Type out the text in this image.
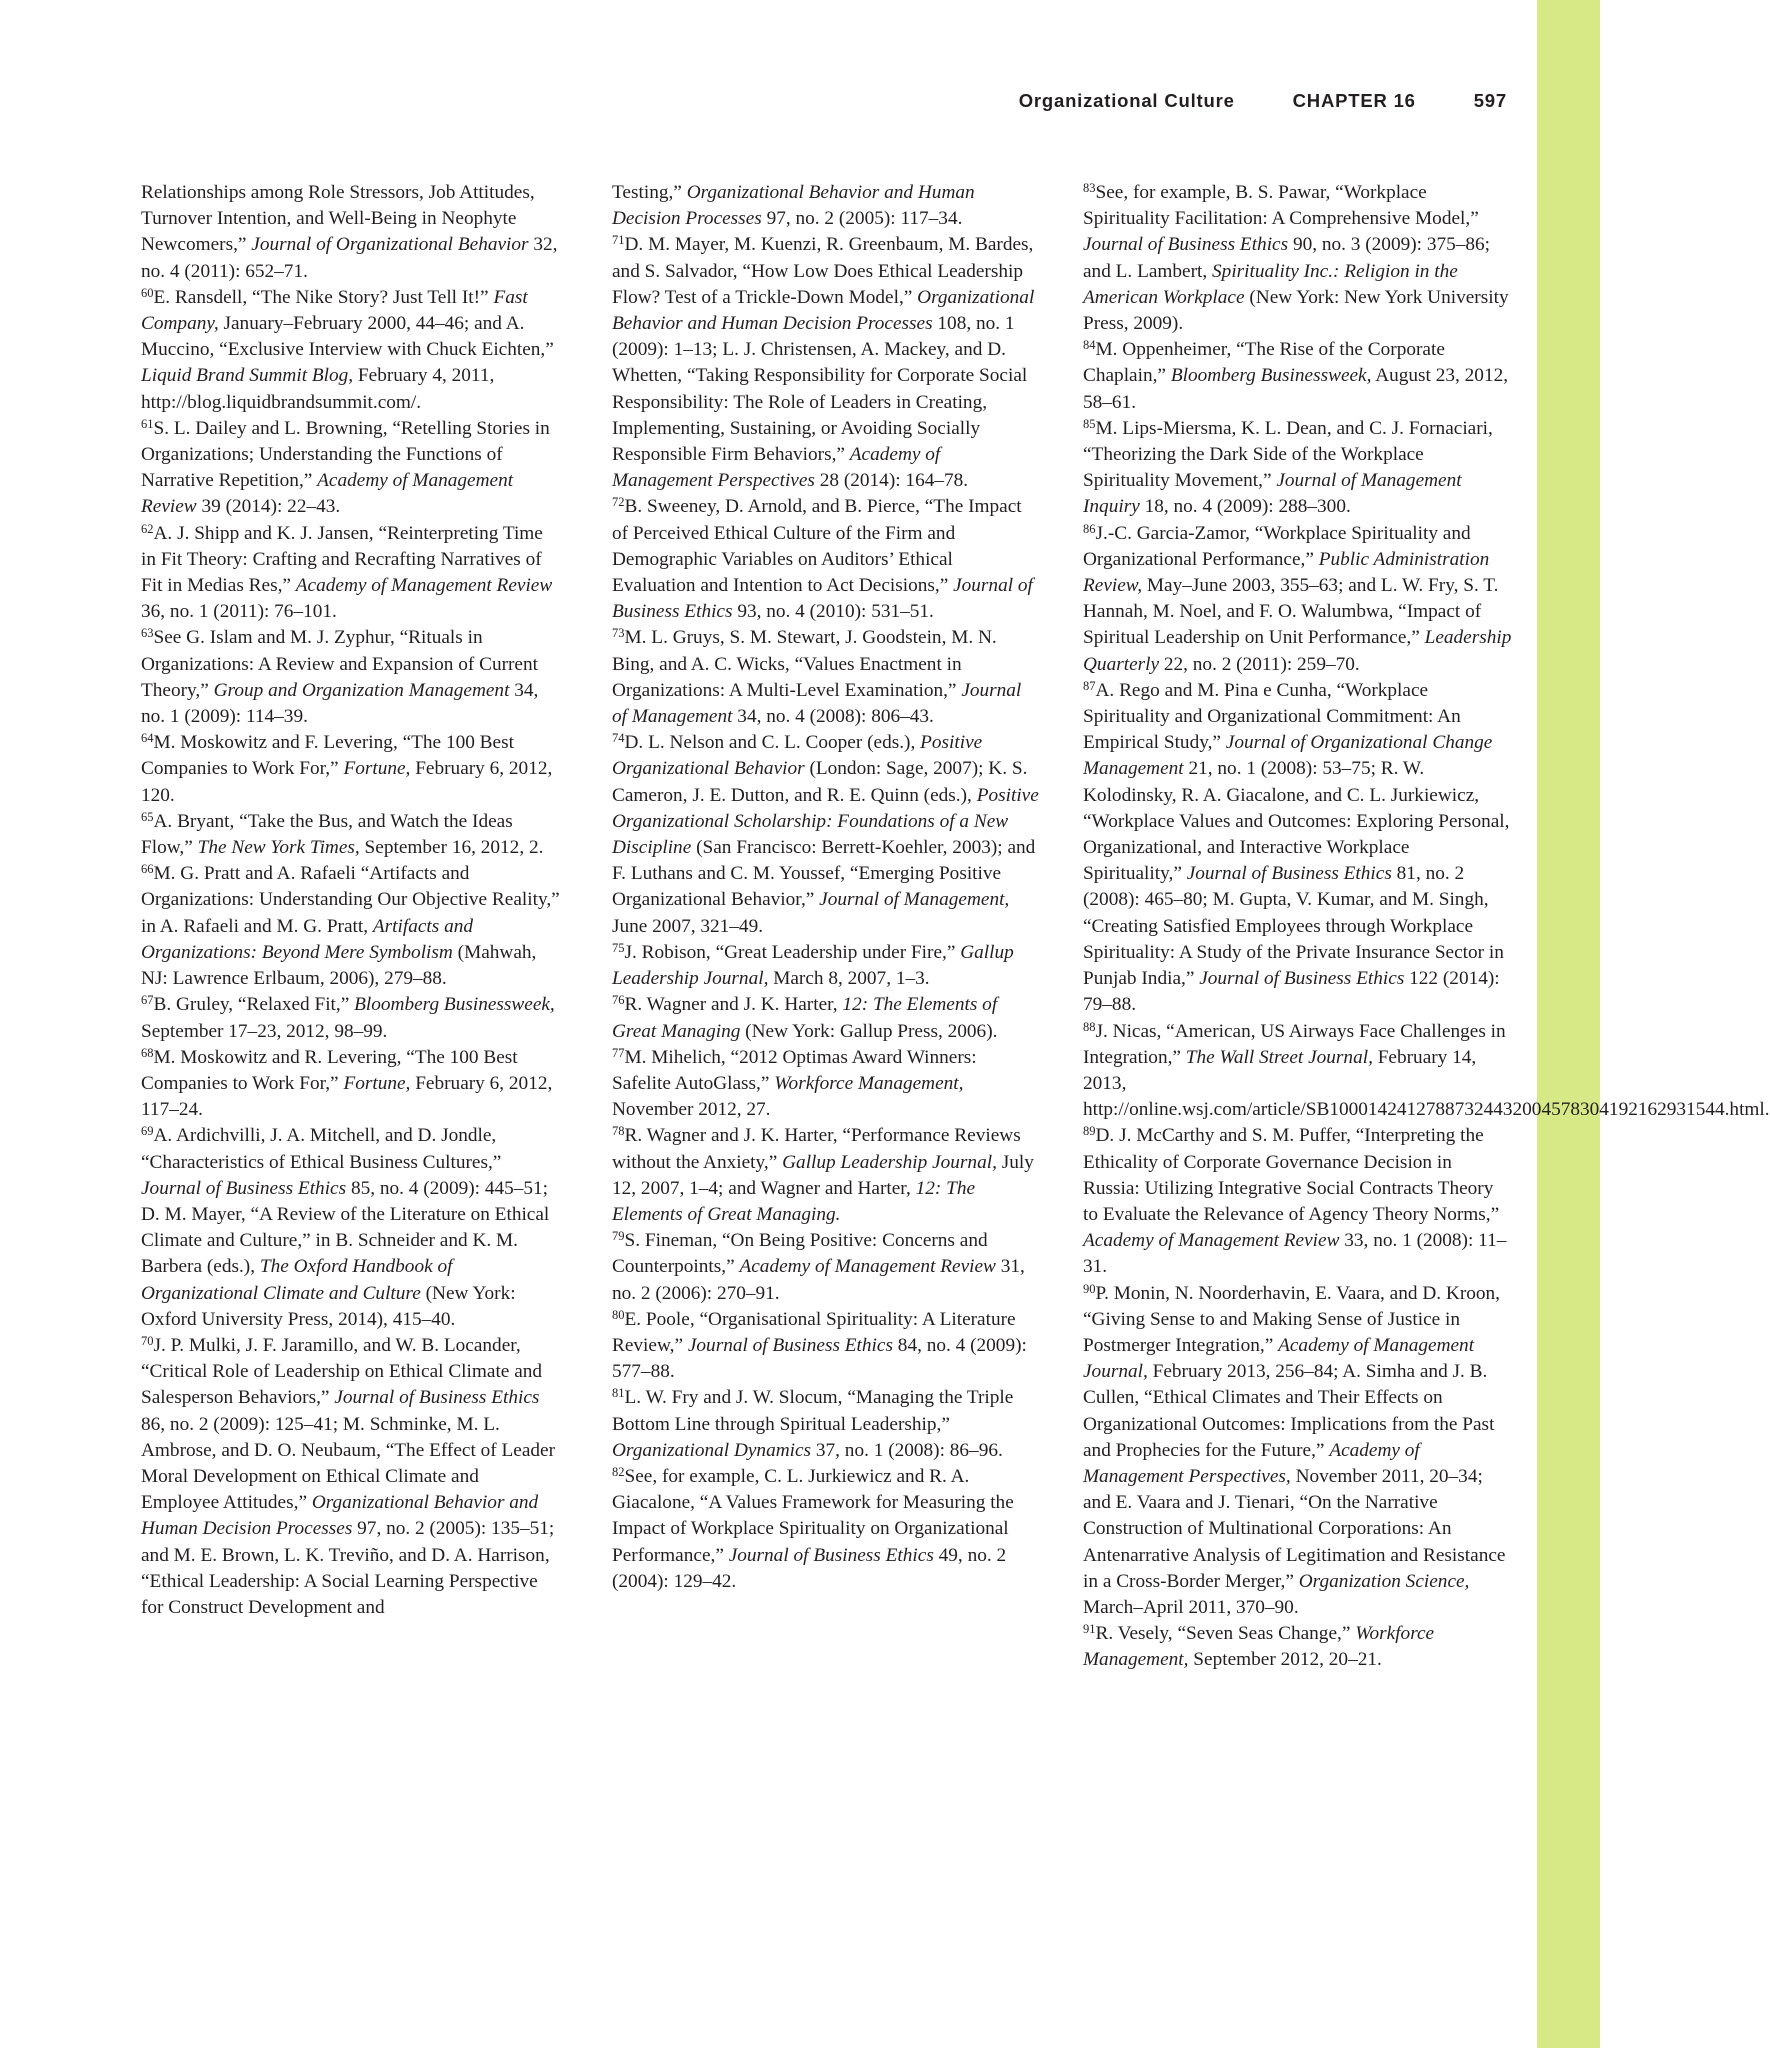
Organizational Culture	CHAPTER 16	597

Relationships among Role Stressors, Job Attitudes, Turnover Intention, and Well-Being in Neophyte Newcomers,” Journal of Organizational Behavior 32, no. 4 (2011): 652–71.

$^{60}$E. Ransdell, “The Nike Story? Just Tell It!” Fast Company, January–February 2000, 44–46; and A. Muccino, “Exclusive Interview with Chuck Eichten,” Liquid Brand Summit Blog, February 4, 2011, http://blog.liquidbrandsummit.com/.

$^{61}$S. L. Dailey and L. Browning, “Retelling Stories in Organizations; Understanding the Functions of Narrative Repetition,” Academy of Management Review 39 (2014): 22–43.

$^{62}$A. J. Shipp and K. J. Jansen, “Reinterpreting Time in Fit Theory: Crafting and Recrafting Narratives of Fit in Medias Res,” Academy of Management Review 36, no. 1 (2011): 76–101.

$^{63}$See G. Islam and M. J. Zyphur, “Rituals in Organizations: A Review and Expansion of Current Theory,” Group and Organization Management 34, no. 1 (2009): 114–39.

$^{64}$M. Moskowitz and F. Levering, “The 100 Best Companies to Work For,” Fortune, February 6, 2012, 120.

$^{65}$A. Bryant, “Take the Bus, and Watch the Ideas Flow,” The New York Times, September 16, 2012, 2.

$^{66}$M. G. Pratt and A. Rafaeli “Artifacts and Organizations: Understanding Our Objective Reality,” in A. Rafaeli and M. G. Pratt, Artifacts and Organizations: Beyond Mere Symbolism (Mahwah, NJ: Lawrence Erlbaum, 2006), 279–88.

$^{67}$B. Gruley, “Relaxed Fit,” Bloomberg Businessweek, September 17–23, 2012, 98–99.

$^{68}$M. Moskowitz and R. Levering, “The 100 Best Companies to Work For,” Fortune, February 6, 2012, 117–24.

$^{69}$A. Ardichvilli, J. A. Mitchell, and D. Jondle, “Characteristics of Ethical Business Cultures,” Journal of Business Ethics 85, no. 4 (2009): 445–51; D. M. Mayer, “A Review of the Literature on Ethical Climate and Culture,” in B. Schneider and K. M. Barbera (eds.), The Oxford Handbook of Organizational Climate and Culture (New York: Oxford University Press, 2014), 415–40.

$^{70}$J. P. Mulki, J. F. Jaramillo, and W. B. Locander, “Critical Role of Leadership on Ethical Climate and Salesperson Behaviors,” Journal of Business Ethics 86, no. 2 (2009): 125–41; M. Schminke, M. L. Ambrose, and D. O. Neubaum, “The Effect of Leader Moral Development on Ethical Climate and Employee Attitudes,” Organizational Behavior and Human Decision Processes 97, no. 2 (2005): 135–51; and M. E. Brown, L. K. Treviño, and D. A. Harrison, “Ethical Leadership: A Social Learning Perspective for Construct Development and

Testing,” Organizational Behavior and Human Decision Processes 97, no. 2 (2005): 117–34.

$^{71}$D. M. Mayer, M. Kuenzi, R. Greenbaum, M. Bardes, and S. Salvador, “How Low Does Ethical Leadership Flow? Test of a Trickle-Down Model,” Organizational Behavior and Human Decision Processes 108, no. 1 (2009): 1–13; L. J. Christensen, A. Mackey, and D. Whetten, “Taking Responsibility for Corporate Social Responsibility: The Role of Leaders in Creating, Implementing, Sustaining, or Avoiding Socially Responsible Firm Behaviors,” Academy of Management Perspectives 28 (2014): 164–78.

$^{72}$B. Sweeney, D. Arnold, and B. Pierce, “The Impact of Perceived Ethical Culture of the Firm and Demographic Variables on Auditors’ Ethical Evaluation and Intention to Act Decisions,” Journal of Business Ethics 93, no. 4 (2010): 531–51.

$^{73}$M. L. Gruys, S. M. Stewart, J. Goodstein, M. N. Bing, and A. C. Wicks, “Values Enactment in Organizations: A Multi-Level Examination,” Journal of Management 34, no. 4 (2008): 806–43.

$^{74}$D. L. Nelson and C. L. Cooper (eds.), Positive Organizational Behavior (London: Sage, 2007); K. S. Cameron, J. E. Dutton, and R. E. Quinn (eds.), Positive Organizational Scholarship: Foundations of a New Discipline (San Francisco: Berrett-Koehler, 2003); and F. Luthans and C. M. Youssef, “Emerging Positive Organizational Behavior,” Journal of Management, June 2007, 321–49.

$^{75}$J. Robison, “Great Leadership under Fire,” Gallup Leadership Journal, March 8, 2007, 1–3.

$^{76}$R. Wagner and J. K. Harter, 12: The Elements of Great Managing (New York: Gallup Press, 2006).

$^{77}$M. Mihelich, “2012 Optimas Award Winners: Safelite AutoGlass,” Workforce Management, November 2012, 27.

$^{78}$R. Wagner and J. K. Harter, “Performance Reviews without the Anxiety,” Gallup Leadership Journal, July 12, 2007, 1–4; and Wagner and Harter, 12: The Elements of Great Managing.

$^{79}$S. Fineman, “On Being Positive: Concerns and Counterpoints,” Academy of Management Review 31, no. 2 (2006): 270–91.

$^{80}$E. Poole, “Organisational Spirituality: A Literature Review,” Journal of Business Ethics 84, no. 4 (2009): 577–88.

$^{81}$L. W. Fry and J. W. Slocum, “Managing the Triple Bottom Line through Spiritual Leadership,” Organizational Dynamics 37, no. 1 (2008): 86–96.

$^{82}$See, for example, C. L. Jurkiewicz and R. A. Giacalone, “A Values Framework for Measuring the Impact of Workplace Spirituality on Organizational Performance,” Journal of Business Ethics 49, no. 2 (2004): 129–42.

$^{83}$See, for example, B. S. Pawar, “Workplace Spirituality Facilitation: A Comprehensive Model,” Journal of Business Ethics 90, no. 3 (2009): 375–86; and L. Lambert, Spirituality Inc.: Religion in the American Workplace (New York: New York University Press, 2009).

$^{84}$M. Oppenheimer, “The Rise of the Corporate Chaplain,” Bloomberg Businessweek, August 23, 2012, 58–61.

$^{85}$M. Lips-Miersma, K. L. Dean, and C. J. Fornaciari, “Theorizing the Dark Side of the Workplace Spirituality Movement,” Journal of Management Inquiry 18, no. 4 (2009): 288–300.

$^{86}$J.-C. Garcia-Zamor, “Workplace Spirituality and Organizational Performance,” Public Administration Review, May–June 2003, 355–63; and L. W. Fry, S. T. Hannah, M. Noel, and F. O. Walumbwa, “Impact of Spiritual Leadership on Unit Performance,” Leadership Quarterly 22, no. 2 (2011): 259–70.

$^{87}$A. Rego and M. Pina e Cunha, “Workplace Spirituality and Organizational Commitment: An Empirical Study,” Journal of Organizational Change Management 21, no. 1 (2008): 53–75; R. W. Kolodinsky, R. A. Giacalone, and C. L. Jurkiewicz, “Workplace Values and Outcomes: Exploring Personal, Organizational, and Interactive Workplace Spirituality,” Journal of Business Ethics 81, no. 2 (2008): 465–80; M. Gupta, V. Kumar, and M. Singh, “Creating Satisfied Employees through Workplace Spirituality: A Study of the Private Insurance Sector in Punjab India,” Journal of Business Ethics 122 (2014): 79–88.

$^{88}$J. Nicas, “American, US Airways Face Challenges in Integration,” The Wall Street Journal, February 14, 2013, http://online.wsj.com/article/SB10001424127887324432004578304192162931544.html.

$^{89}$D. J. McCarthy and S. M. Puffer, “Interpreting the Ethicality of Corporate Governance Decision in Russia: Utilizing Integrative Social Contracts Theory to Evaluate the Relevance of Agency Theory Norms,” Academy of Management Review 33, no. 1 (2008): 11–31.

$^{90}$P. Monin, N. Noorderhavin, E. Vaara, and D. Kroon, “Giving Sense to and Making Sense of Justice in Postmerger Integration,” Academy of Management Journal, February 2013, 256–84; A. Simha and J. B. Cullen, “Ethical Climates and Their Effects on Organizational Outcomes: Implications from the Past and Prophecies for the Future,” Academy of Management Perspectives, November 2011, 20–34; and E. Vaara and J. Tienari, “On the Narrative Construction of Multinational Corporations: An Antenarrative Analysis of Legitimation and Resistance in a Cross-Border Merger,” Organization Science, March–April 2011, 370–90.

$^{91}$R. Vesely, “Seven Seas Change,” Workforce Management, September 2012, 20–21.
